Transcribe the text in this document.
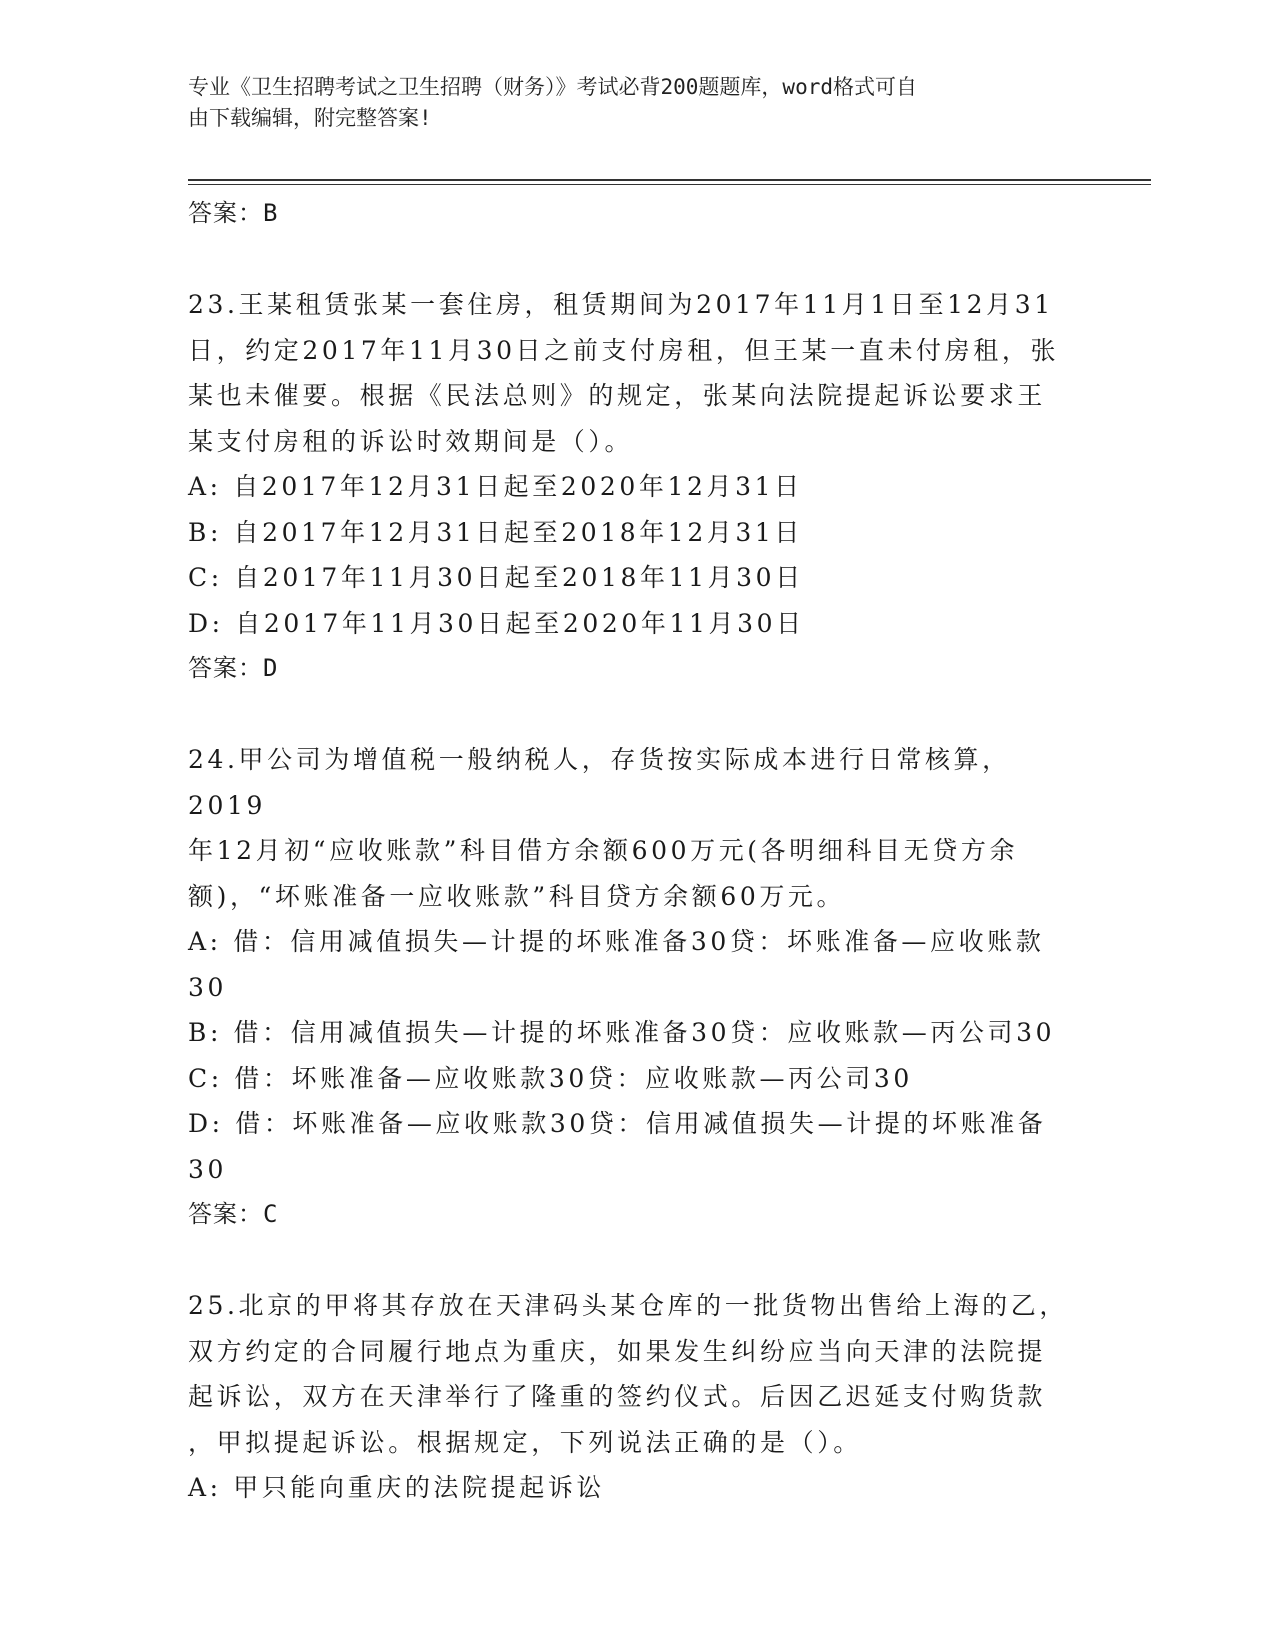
专业《卫生招聘考试之卫生招聘（财务）》考试必背200题题库，word格式可自
由下载编辑，附完整答案!
答案：B

23.王某租赁张某一套住房，租赁期间为2017年11月1日至12月31

日，约定2017年11月30日之前支付房租，但王某一直未付房租，张

某也未催要。根据《民法总则》的规定，张某向法院提起诉讼要求王

某支付房租的诉讼时效期间是（）。

A: 自2017年12月31日起至2020年12月31日

B: 自2017年12月31日起至2018年12月31日

C: 自2017年11月30日起至2018年11月30日

D: 自2017年11月30日起至2020年11月30日

答案：D

24.甲公司为增值税一般纳税人，存货按实际成本进行日常核算，2019

年12月初“应收账款”科目借方余额600万元(各明细科目无贷方余

额)，“坏账准备一应收账款”科目贷方余额60万元。

A: 借：信用减值损失—计提的坏账准备30贷：坏账准备—应收账款

30

B: 借：信用减值损失—计提的坏账准备30贷：应收账款—丙公司30

C: 借：坏账准备—应收账款30贷：应收账款—丙公司30

D: 借：坏账准备—应收账款30贷：信用减值损失—计提的坏账准备

30

答案：C

25.北京的甲将其存放在天津码头某仓库的一批货物出售给上海的乙，

双方约定的合同履行地点为重庆，如果发生纠纷应当向天津的法院提

起诉讼，双方在天津举行了隆重的签约仪式。后因乙迟延支付购货款

，甲拟提起诉讼。根据规定，下列说法正确的是（）。

A: 甲只能向重庆的法院提起诉讼
